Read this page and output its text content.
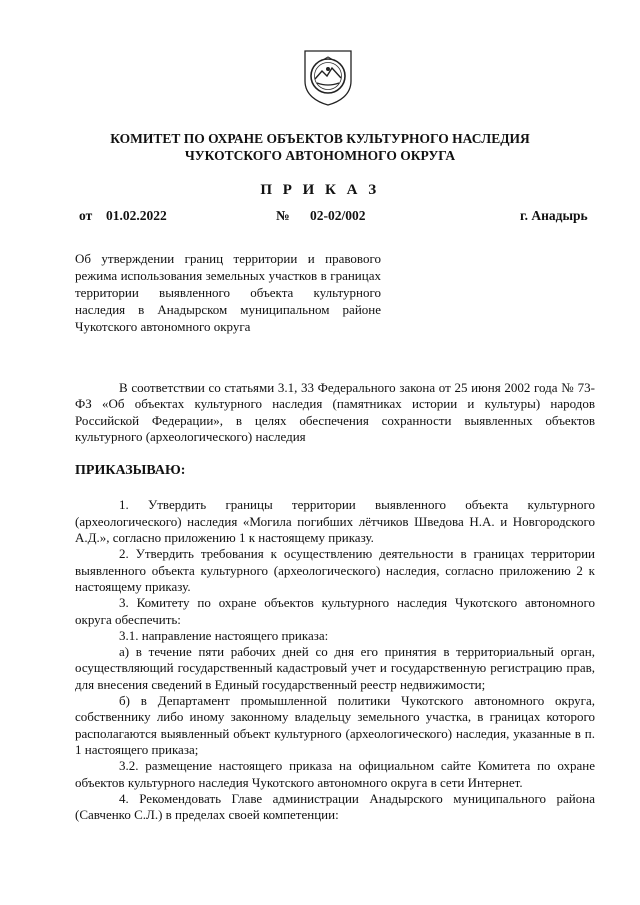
КОМИТЕТ ПО ОХРАНЕ ОБЪЕКТОВ КУЛЬТУРНОГО НАСЛЕДИЯ
ЧУКОТСКОГО АВТОНОМНОГО ОКРУГА
П Р И К А З
от 01.02.2022	№ 02-02/002	г. Анадырь
Об утверждении границ территории и правового режима использования земельных участков в границах территории выявленного объекта культурного наследия в Анадырском муниципальном районе Чукотского автономного округа

В соответствии со статьями 3.1, 33 Федерального закона от 25 июня 2002 года № 73-ФЗ «Об объектах культурного наследия (памятниках истории и культуры) народов Российской Федерации», в целях обеспечения сохранности выявленных объектов культурного (археологического) наследия

ПРИКАЗЫВАЮ:

1. Утвердить границы территории выявленного объекта культурного (археологического) наследия «Могила погибших лётчиков Шведова Н.А. и Новгородского А.Д.», согласно приложению 1 к настоящему приказу.

2. Утвердить требования к осуществлению деятельности в границах территории выявленного объекта культурного (археологического) наследия, согласно приложению 2 к настоящему приказу.

3. Комитету по охране объектов культурного наследия Чукотского автономного округа обеспечить:

3.1. направление настоящего приказа:

а) в течение пяти рабочих дней со дня его принятия в территориальный орган, осуществляющий государственный кадастровый учет и государственную регистрацию прав, для внесения сведений в Единый государственный реестр недвижимости;

б) в Департамент промышленной политики Чукотского автономного округа, собственнику либо иному законному владельцу земельного участка, в границах которого располагаются выявленный объект культурного (археологического) наследия, указанные в п. 1 настоящего приказа;

3.2. размещение настоящего приказа на официальном сайте Комитета по охране объектов культурного наследия Чукотского автономного округа в сети Интернет.

4. Рекомендовать Главе администрации Анадырского муниципального района (Савченко С.Л.) в пределах своей компетенции:
